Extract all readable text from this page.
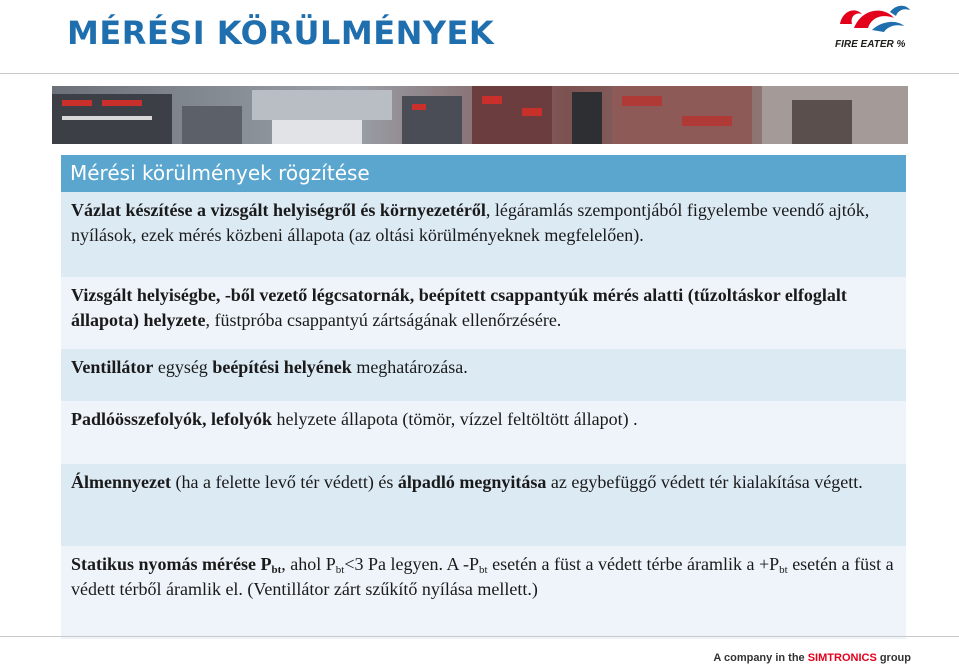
MÉRÉSI KÖRÜLMÉNYEK	FIRE EATER %
Mérési körülmények rögzítése
Vázlat készítése a vizsgált helyiségről és környezetéről, légáramlás szempontjából figyelembe veendő ajtók, nyílások, ezek mérés közbeni állapota (az oltási körülményeknek megfelelően).
Vizsgált helyiségbe, -ből vezető légcsatornák, beépített csappantyúk mérés alatti (tűzoltáskor elfoglalt állapota) helyzete, füstpróba csappantyú zártságának ellenőrzésére.
Ventillátor egység beépítési helyének meghatározása.
Padlóösszefolyók, lefolyók helyzete állapota (tömör, vízzel feltöltött állapot) .
Álmennyezet (ha a felette levő tér védett) és álpadló megnyitása az egybefüggő védett tér kialakítása végett.
Statikus nyomás mérése $P_{bt}$, ahol $P_{bt}<3$ Pa legyen. A $-P_{bt}$ esetén a füst a védett térbe áramlik $a +P_{bt}$ esetén a füst a védett térből áramlik el. (Ventillátor zárt szűkítő nyílása mellett.)
A company in the SIMTRONICS group
